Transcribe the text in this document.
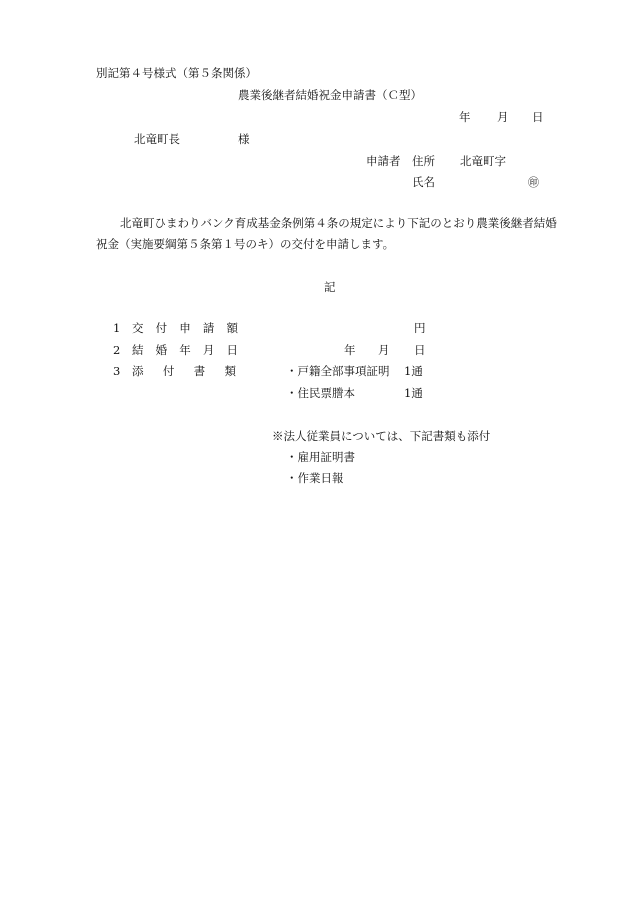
別記第４号様式（第５条関係）
農業後継者結婚祝金申請書（Ｃ型）
年 月 日
北竜町長	様
申請者 住所 北竜町字
氏名	㊞
北竜町ひまわりバンク育成基金条例第４条の規定により下記のとおり農業後継者結婚
祝金（実施要綱第５条第１号のキ）の交付を申請します。
記
1 交 付 申 請 額	円
2 結 婚 年 月 日	年 月 日
3 添 付 書 類	・戸籍全部事項証明 1通
・住民票謄本	1通
※法人従業員については、下記書類も添付
・雇用証明書
・作業日報
